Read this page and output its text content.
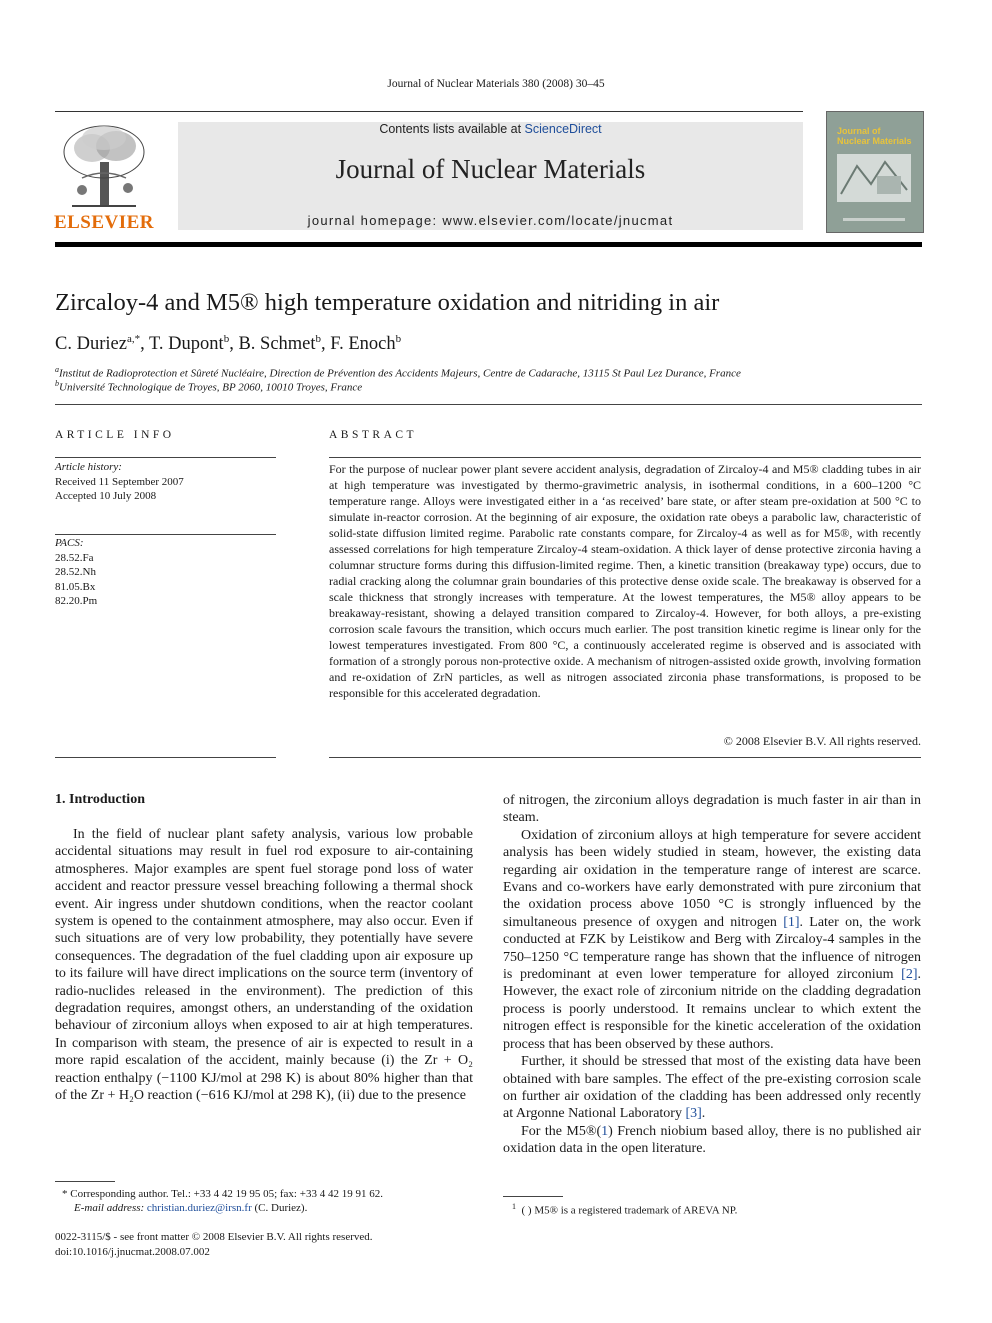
Journal of Nuclear Materials 380 (2008) 30–45
ELSEVIER
Contents lists available at ScienceDirect
Journal of Nuclear Materials
journal homepage: www.elsevier.com/locate/jnucmat
Journal of Nuclear Materials
Zircaloy-4 and M5® high temperature oxidation and nitriding in air
C. Duriez$^{a,*}$, T. Dupont$^b$, B. Schmet$^b$, F. Enoch$^b$
$^a$Institut de Radioprotection et Sûreté Nucléaire, Direction de Prévention des Accidents Majeurs, Centre de Cadarache, 13115 St Paul Lez Durance, France
$^b$Université Technologique de Troyes, BP 2060, 10010 Troyes, France
ARTICLE INFO
Article history:
Received 11 September 2007
Accepted 10 July 2008
PACS:
28.52.Fa
28.52.Nh
81.05.Bx
82.20.Pm
ABSTRACT
For the purpose of nuclear power plant severe accident analysis, degradation of Zircaloy-4 and M5® cladding tubes in air at high temperature was investigated by thermo-gravimetric analysis, in isothermal conditions, in a 600–1200 °C temperature range. Alloys were investigated either in a ‘as received’ bare state, or after steam pre-oxidation at 500 °C to simulate in-reactor corrosion. At the beginning of air exposure, the oxidation rate obeys a parabolic law, characteristic of solid-state diffusion limited regime. Parabolic rate constants compare, for Zircaloy-4 as well as for M5®, with recently assessed correlations for high temperature Zircaloy-4 steam-oxidation. A thick layer of dense protective zirconia having a columnar structure forms during this diffusion-limited regime. Then, a kinetic transition (breakaway type) occurs, due to radial cracking along the columnar grain boundaries of this protective dense oxide scale. The breakaway is observed for a scale thickness that strongly increases with temperature. At the lowest temperatures, the M5® alloy appears to be breakaway-resistant, showing a delayed transition compared to Zircaloy-4. However, for both alloys, a pre-existing corrosion scale favours the transition, which occurs much earlier. The post transition kinetic regime is linear only for the lowest temperatures investigated. From 800 °C, a continuously accelerated regime is observed and is associated with formation of a strongly porous non-protective oxide. A mechanism of nitrogen-assisted oxide growth, involving formation and re-oxidation of ZrN particles, as well as nitrogen associated zirconia phase transformations, is proposed to be responsible for this accelerated degradation.
© 2008 Elsevier B.V. All rights reserved.
1. Introduction

In the field of nuclear plant safety analysis, various low probable accidental situations may result in fuel rod exposure to air-containing atmospheres. Major examples are spent fuel storage pond loss of water accident and reactor pressure vessel breaching following a thermal shock event. Air ingress under shutdown conditions, when the reactor coolant system is opened to the containment atmosphere, may also occur. Even if such situations are of very low probability, they potentially have severe consequences. The degradation of the fuel cladding upon air exposure up to its failure will have direct implications on the source term (inventory of radio-nuclides released in the environment). The prediction of this degradation requires, amongst others, an understanding of the oxidation behaviour of zirconium alloys when exposed to air at high temperatures. In comparison with steam, the presence of air is expected to result in a more rapid escalation of the accident, mainly because (i) the Zr + O₂ reaction enthalpy (−1100 KJ/mol at 298 K) is about 80% higher than that of the Zr + H₂O reaction (−616 KJ/mol at 298 K), (ii) due to the presence

of nitrogen, the zirconium alloys degradation is much faster in air than in steam.

Oxidation of zirconium alloys at high temperature for severe accident analysis has been widely studied in steam, however, the existing data regarding air oxidation in the temperature range of interest are scarce. Evans and co-workers have early demonstrated with pure zirconium that the oxidation process above 1050 °C is strongly influenced by the simultaneous presence of oxygen and nitrogen [1]. Later on, the work conducted at FZK by Leistikow and Berg with Zircaloy-4 samples in the 750–1250 °C temperature range has shown that the influence of nitrogen is predominant at even lower temperature for alloyed zirconium [2]. However, the exact role of zirconium nitride on the cladding degradation process is poorly understood. It remains unclear to which extent the nitrogen effect is responsible for the kinetic acceleration of the oxidation process that has been observed by these authors.

Further, it should be stressed that most of the existing data have been obtained with bare samples. The effect of the pre-existing corrosion scale on further air oxidation of the cladding has been addressed only recently at Argonne National Laboratory [3].

For the M5®(1) French niobium based alloy, there is no published air oxidation data in the open literature.

* Corresponding author. Tel.: +33 4 42 19 95 05; fax: +33 4 42 19 91 62.
E-mail address: christian.duriez@irsn.fr (C. Duriez).
0022-3115/$ - see front matter © 2008 Elsevier B.V. All rights reserved.
doi:10.1016/j.jnucmat.2008.07.002
$^1$ ( ) M5® is a registered trademark of AREVA NP.
